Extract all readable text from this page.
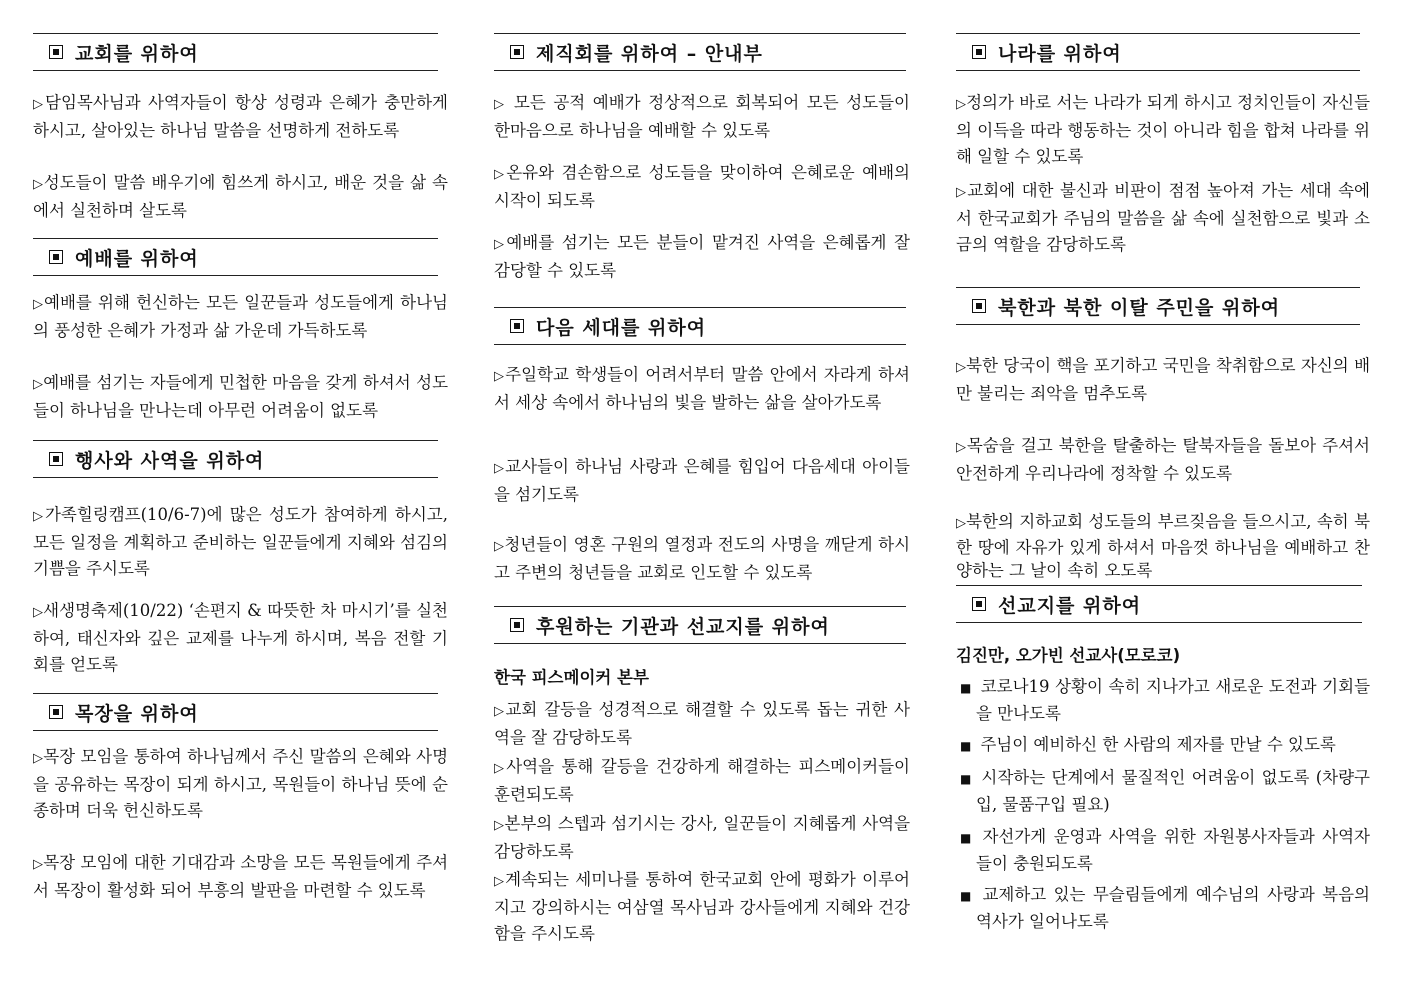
교회를 위하여

▷ 담임목사님과 사역자들이 항상 성령과 은혜가 충만하게 하시고, 살아있는 하나님 말씀을 선명하게 전하도록

▷ 성도들이 말씀 배우기에 힘쓰게 하시고, 배운 것을 삶 속에서 실천하며 살도록

예배를 위하여

▷ 예배를 위해 헌신하는 모든 일꾼들과 성도들에게 하나님의 풍성한 은혜가 가정과 삶 가운데 가득하도록

▷ 예배를 섬기는 자들에게 민첩한 마음을 갖게 하셔서 성도들이 하나님을 만나는데 아무런 어려움이 없도록

행사와 사역을 위하여

▷ 가족힐링캠프(10/6-7)에 많은 성도가 참여하게 하시고, 모든 일정을 계획하고 준비하는 일꾼들에게 지혜와 섬김의 기쁨을 주시도록

▷ 새생명축제(10/22) ‘손편지 & 따뜻한 차 마시기’를 실천하여, 태신자와 깊은 교제를 나누게 하시며, 복음 전할 기회를 얻도록

목장을 위하여

▷ 목장 모임을 통하여 하나님께서 주신 말씀의 은혜와 사명을 공유하는 목장이 되게 하시고, 목원들이 하나님 뜻에 순종하며 더욱 헌신하도록

▷ 목장 모임에 대한 기대감과 소망을 모든 목원들에게 주셔서 목장이 활성화 되어 부흥의 발판을 마련할 수 있도록

제직회를 위하여 – 안내부

▷ 모든 공적 예배가 정상적으로 회복되어 모든 성도들이 한마음으로 하나님을 예배할 수 있도록

▷ 온유와 겸손함으로 성도들을 맞이하여 은혜로운 예배의 시작이 되도록

▷ 예배를 섬기는 모든 분들이 맡겨진 사역을 은혜롭게 잘 감당할 수 있도록

다음 세대를 위하여

▷ 주일학교 학생들이 어려서부터 말씀 안에서 자라게 하셔서 세상 속에서 하나님의 빛을 발하는 삶을 살아가도록

▷ 교사들이 하나님 사랑과 은혜를 힘입어 다음세대 아이들을 섬기도록

▷ 청년들이 영혼 구원의 열정과 전도의 사명을 깨닫게 하시고 주변의 청년들을 교회로 인도할 수 있도록

후원하는 기관과 선교지를 위하여
한국 피스메이커 본부

▷ 교회 갈등을 성경적으로 해결할 수 있도록 돕는 귀한 사역을 잘 감당하도록

▷ 사역을 통해 갈등을 건강하게 해결하는 피스메이커들이 훈련되도록

▷ 본부의 스텝과 섬기시는 강사, 일꾼들이 지혜롭게 사역을 감당하도록

▷ 계속되는 세미나를 통하여 한국교회 안에 평화가 이루어지고 강의하시는 여삼열 목사님과 강사들에게 지혜와 건강함을 주시도록

나라를 위하여

▷ 정의가 바로 서는 나라가 되게 하시고 정치인들이 자신들의 이득을 따라 행동하는 것이 아니라 힘을 합쳐 나라를 위해 일할 수 있도록

▷ 교회에 대한 불신과 비판이 점점 높아져 가는 세대 속에서 한국교회가 주님의 말씀을 삶 속에 실천함으로 빛과 소금의 역할을 감당하도록

북한과 북한 이탈 주민을 위하여

▷ 북한 당국이 핵을 포기하고 국민을 착취함으로 자신의 배만 불리는 죄악을 멈추도록

▷ 목숨을 걸고 북한을 탈출하는 탈북자들을 돌보아 주셔서 안전하게 우리나라에 정착할 수 있도록

▷ 북한의 지하교회 성도들의 부르짖음을 들으시고, 속히 북한 땅에 자유가 있게 하셔서 마음껏 하나님을 예배하고 찬양하는 그 날이 속히 오도록

선교지를 위하여
김진만, 오가빈 선교사(모로코)

■ 코로나19 상황이 속히 지나가고 새로운 도전과 기회들을 만나도록

■ 주님이 예비하신 한 사람의 제자를 만날 수 있도록

■ 시작하는 단계에서 물질적인 어려움이 없도록 (차량구입, 물품구입 필요)

■ 자선가게 운영과 사역을 위한 자원봉사자들과 사역자들이 충원되도록

■ 교제하고 있는 무슬림들에게 예수님의 사랑과 복음의 역사가 일어나도록
